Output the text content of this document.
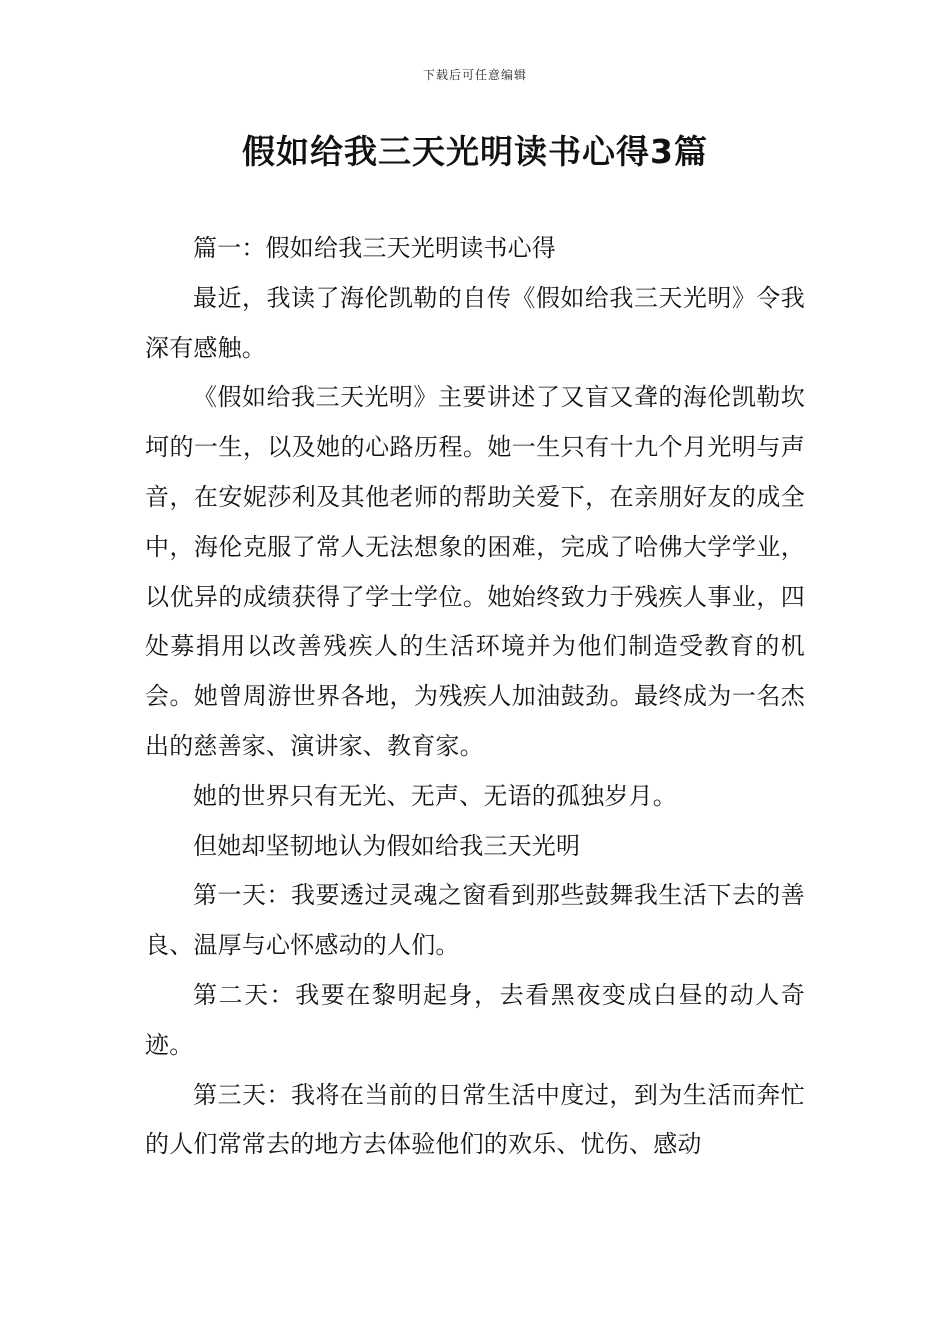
下载后可任意编辑
假如给我三天光明读书心得3篇

篇一：假如给我三天光明读书心得

最近，我读了海伦凯勒的自传《假如给我三天光明》令我深有感触。

《假如给我三天光明》主要讲述了又盲又聋的海伦凯勒坎坷的一生，以及她的心路历程。她一生只有十九个月光明与声音，在安妮莎利及其他老师的帮助关爱下，在亲朋好友的成全中，海伦克服了常人无法想象的困难，完成了哈佛大学学业，以优异的成绩获得了学士学位。她始终致力于残疾人事业，四处募捐用以改善残疾人的生活环境并为他们制造受教育的机会。她曾周游世界各地，为残疾人加油鼓劲。最终成为一名杰出的慈善家、演讲家、教育家。

她的世界只有无光、无声、无语的孤独岁月。

但她却坚韧地认为假如给我三天光明

第一天：我要透过灵魂之窗看到那些鼓舞我生活下去的善良、温厚与心怀感动的人们。

第二天：我要在黎明起身，去看黑夜变成白昼的动人奇迹。

第三天：我将在当前的日常生活中度过，到为生活而奔忙的人们常常去的地方去体验他们的欢乐、忧伤、感动
